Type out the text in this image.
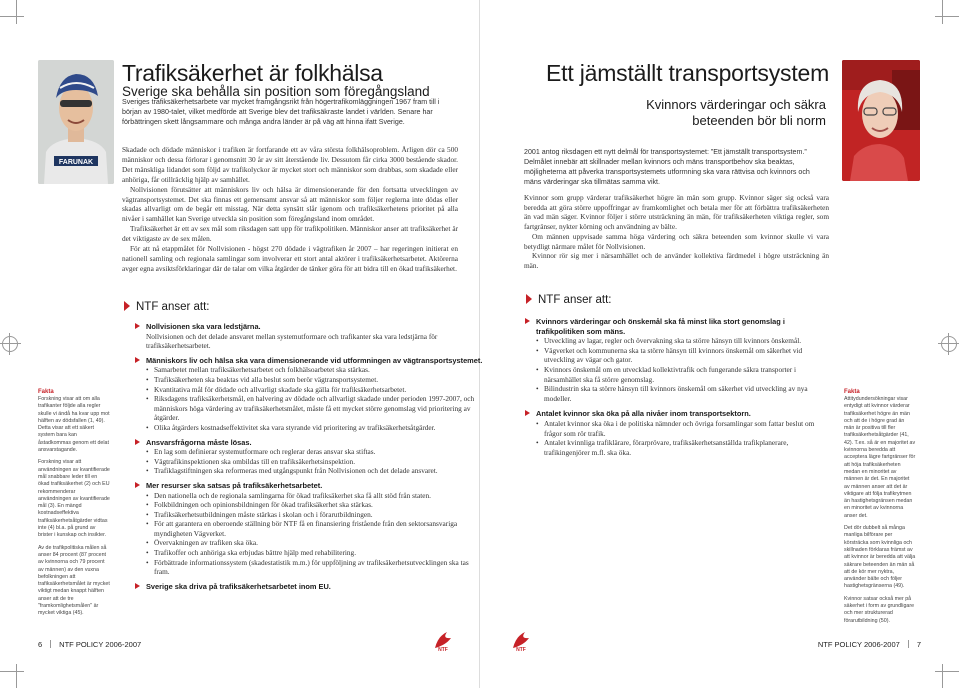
FARUNAK
Trafiksäkerhet är folkhälsa
Sverige ska behålla sin position som föregångsland
Sveriges trafiksäkerhetsarbete var mycket framgångsrikt från högertrafikomläggningen 1967 fram till i början av 1980-talet, vilket medförde att Sverige blev det trafiksäkraste landet i världen. Senare har förbättringen skett långsammare och många andra länder är på väg att hinna ifatt Sverige.

Skadade och dödade människor i trafiken är fortfarande ett av våra största folkhälsoproblem. Årligen dör ca 500 människor och dessa förlorar i genomsnitt 30 år av sitt återstående liv. Dessutom får cirka 3000 bestående skador. Det mänskliga lidandet som följd av trafikolyckor är mycket stort och människor som drabbas, som skadade eller anhöriga, får otillräcklig hjälp av samhället.

Nollvisionen förutsätter att människors liv och hälsa är dimensionerande för den fortsatta utvecklingen av vägtransportsystemet. Det ska finnas ett gemensamt ansvar så att människor som följer reglerna inte dödas eller skadas allvarligt om de begår ett misstag. När detta synsätt slår igenom och trafiksäkerhetens prioritet på alla nivåer i samhället kan Sverige utveckla sin position som föregångsland inom området.

Trafiksäkerhet är ett av sex mål som riksdagen satt upp för trafikpolitiken. Människor anser att trafiksäkerhet är det viktigaste av de sex målen.

För att nå etappmålet för Nollvisionen - högst 270 dödade i vägtrafiken år 2007 – har regeringen initierat en nationell samling och regionala samlingar som involverar ett stort antal aktörer i trafiksäkerhetsarbetet. Aktörerna avger egna avsiktsförklaringar där de talar om vilka åtgärder de tänker göra för att bidra till en ökad trafiksäkerhet.

NTF anser att:
Nollvisionen ska vara ledstjärna.
Nollvisionen och det delade ansvaret mellan systemutformare och trafikanter ska vara ledstjärna för trafiksäkerhetsarbetet.
Människors liv och hälsa ska vara dimensionerande vid utformningen av vägtransportsystemet.
• Samarbetet mellan trafiksäkerhetsarbetet och folkhälsoarbetet ska stärkas.
• Trafiksäkerheten ska beaktas vid alla beslut som berör vägtransportsystemet.
• Kvantitativa mål för dödade och allvarligt skadade ska gälla för trafiksäkerhetsarbetet.
• Riksdagens trafiksäkerhetsmål, en halvering av dödade och allvarligt skadade under perioden 1997-2007, och människors höga värdering av trafiksäkerhetsmålet, måste få ett mycket större genomslag vid prioritering av åtgärder.
• Olika åtgärders kostnadseffektivitet ska vara styrande vid prioritering av trafiksäkerhetsåtgärder.
Ansvarsfrågorna måste lösas.
• En lag som definierar systemutformare och reglerar deras ansvar ska stiftas.
• Vägtrafikinspektionen ska ombildas till en trafiksäkerhetsinspektion.
• Trafiklagstiftningen ska reformeras med utgångspunkt från Nollvisionen och det delade ansvaret.
Mer resurser ska satsas på trafiksäkerhetsarbetet.
• Den nationella och de regionala samlingarna för ökad trafiksäkerhet ska få allt stöd från staten.
• Folkbildningen och opinionsbildningen för ökad trafiksäkerhet ska stärkas.
• Trafiksäkerhetsutbildningen måste stärkas i skolan och i förarutbildningen.
• För att garantera en oberoende ställning bör NTF få en finansiering fristående från den sektorsansvariga myndigheten Vägverket.
• Övervakningen av trafiken ska öka.
• Trafikoffer och anhöriga ska erbjudas bättre hjälp med rehabilitering.
• Förbättrade informationssystem (skadestatistik m.m.) för uppföljning av trafiksäkerhetsutvecklingen ska tas fram.
Sverige ska driva på trafiksäkerhetsarbetet inom EU.
Fakta

Forskning visar att om alla trafikanter följde alla regler skulle vi ändå ha kvar upp mot hälften av dödsfallen (1, 49). Detta visar att ett säkert system bara kan åstadkommas genom ett delat ansvarstagande.

Forskning visar att användningen av kvantifierade mål snabbare leder till en ökad trafiksäkerhet (2) och EU rekommenderar användningen av kvantifierade mål (3). En mängd kostnadseffektiva trafiksäkerhetsåtgärder vidtas inte (4) bl.a. på grund av brister i kunskap och insikter.

Av de trafikpolitiska målen så anser 84 procent (87 procent av kvinnorna och 79 procent av männen) av den vuxna befolkningen att trafiksäkerhetsmålet är mycket viktigt medan knappt hälften anser att de tre "framkomlighetsmålen" är mycket viktiga (45).

6 NTF POLICY 2006-2007
NTF
Ett jämställt transportsystem
Kvinnors värderingar och säkra beteenden bör bli norm
2001 antog riksdagen ett nytt delmål för transportsystemet: ”Ett jämställt transportsystem.” Delmålet innebär att skillnader mellan kvinnors och mäns transportbehov ska beaktas, möjligheterna att påverka transportsystemets utformning ska vara rättvisa och kvinnors och mäns värderingar ska tillmätas samma vikt.

Kvinnor som grupp värderar trafiksäkerhet högre än män som grupp. Kvinnor säger sig också vara beredda att göra större uppoffringar av framkomlighet och betala mer för att förbättra trafiksäkerheten än vad män säger. Kvinnor följer i större utsträckning än män, för trafiksäkerheten viktiga regler, som fartgränser, nykter körning och användning av bälte.

Om männen uppvisade samma höga värdering och säkra beteenden som kvinnor skulle vi vara betydligt närmare målet för Nollvisionen.

Kvinnor rör sig mer i närsamhället och de använder kollektiva färdmedel i högre utsträckning än män.

NTF anser att:
Kvinnors värderingar och önskemål ska få minst lika stort genomslag i trafikpolitiken som mäns.
• Utveckling av lagar, regler och övervakning ska ta större hänsyn till kvinnors önskemål.
• Vägverket och kommunerna ska ta större hänsyn till kvinnors önskemål om säkerhet vid utveckling av vägar och gator.
• Kvinnors önskemål om en utvecklad kollektivtrafik och fungerande säkra transporter i närsamhället ska få större genomslag.
• Bilindustrin ska ta större hänsyn till kvinnors önskemål om säkerhet vid utveckling av nya modeller.
Antalet kvinnor ska öka på alla nivåer inom transportsektorn.
• Antalet kvinnor ska öka i de politiska nämnder och övriga forsamlingar som fattar beslut om frågor som rör trafik.
• Antalet kvinnliga trafiklärare, förarprövare, trafiksäkerhetsanställda trafikplanerare, trafikingenjörer m.fl. ska öka.
Fakta

Attitydundersökningar visar entydigt att kvinnor värderar trafiksäkerhet högre än män och att de i högre grad än män är positiva till fler trafiksäkerhetsåtgärder (41, 42). T.ex. så är en majoritet av kvinnorna beredda att acceptera lägre fartgränser för att höja trafiksäkerheten medan en minoritet av männen är det. En majoritet av männen anser att det är viktigare att följa trafikrytmen än hastighetsgränsen medan en minoritet av kvinnorna anser det.

Det dör dubbelt så många manliga bilförare per körsträcka som kvinnliga och skillnaden förklaras främst av att kvinnor är beredda att välja säkrare beteenden än män så att de kör mer nyktra, använder bälte och följer hastighetsgränserna (49).

Kvinnor satsar också mer på säkerhet i form av grundligare och mer strukturerad förarutbildning (50).

NTF
NTF POLICY 2006-2007 7
